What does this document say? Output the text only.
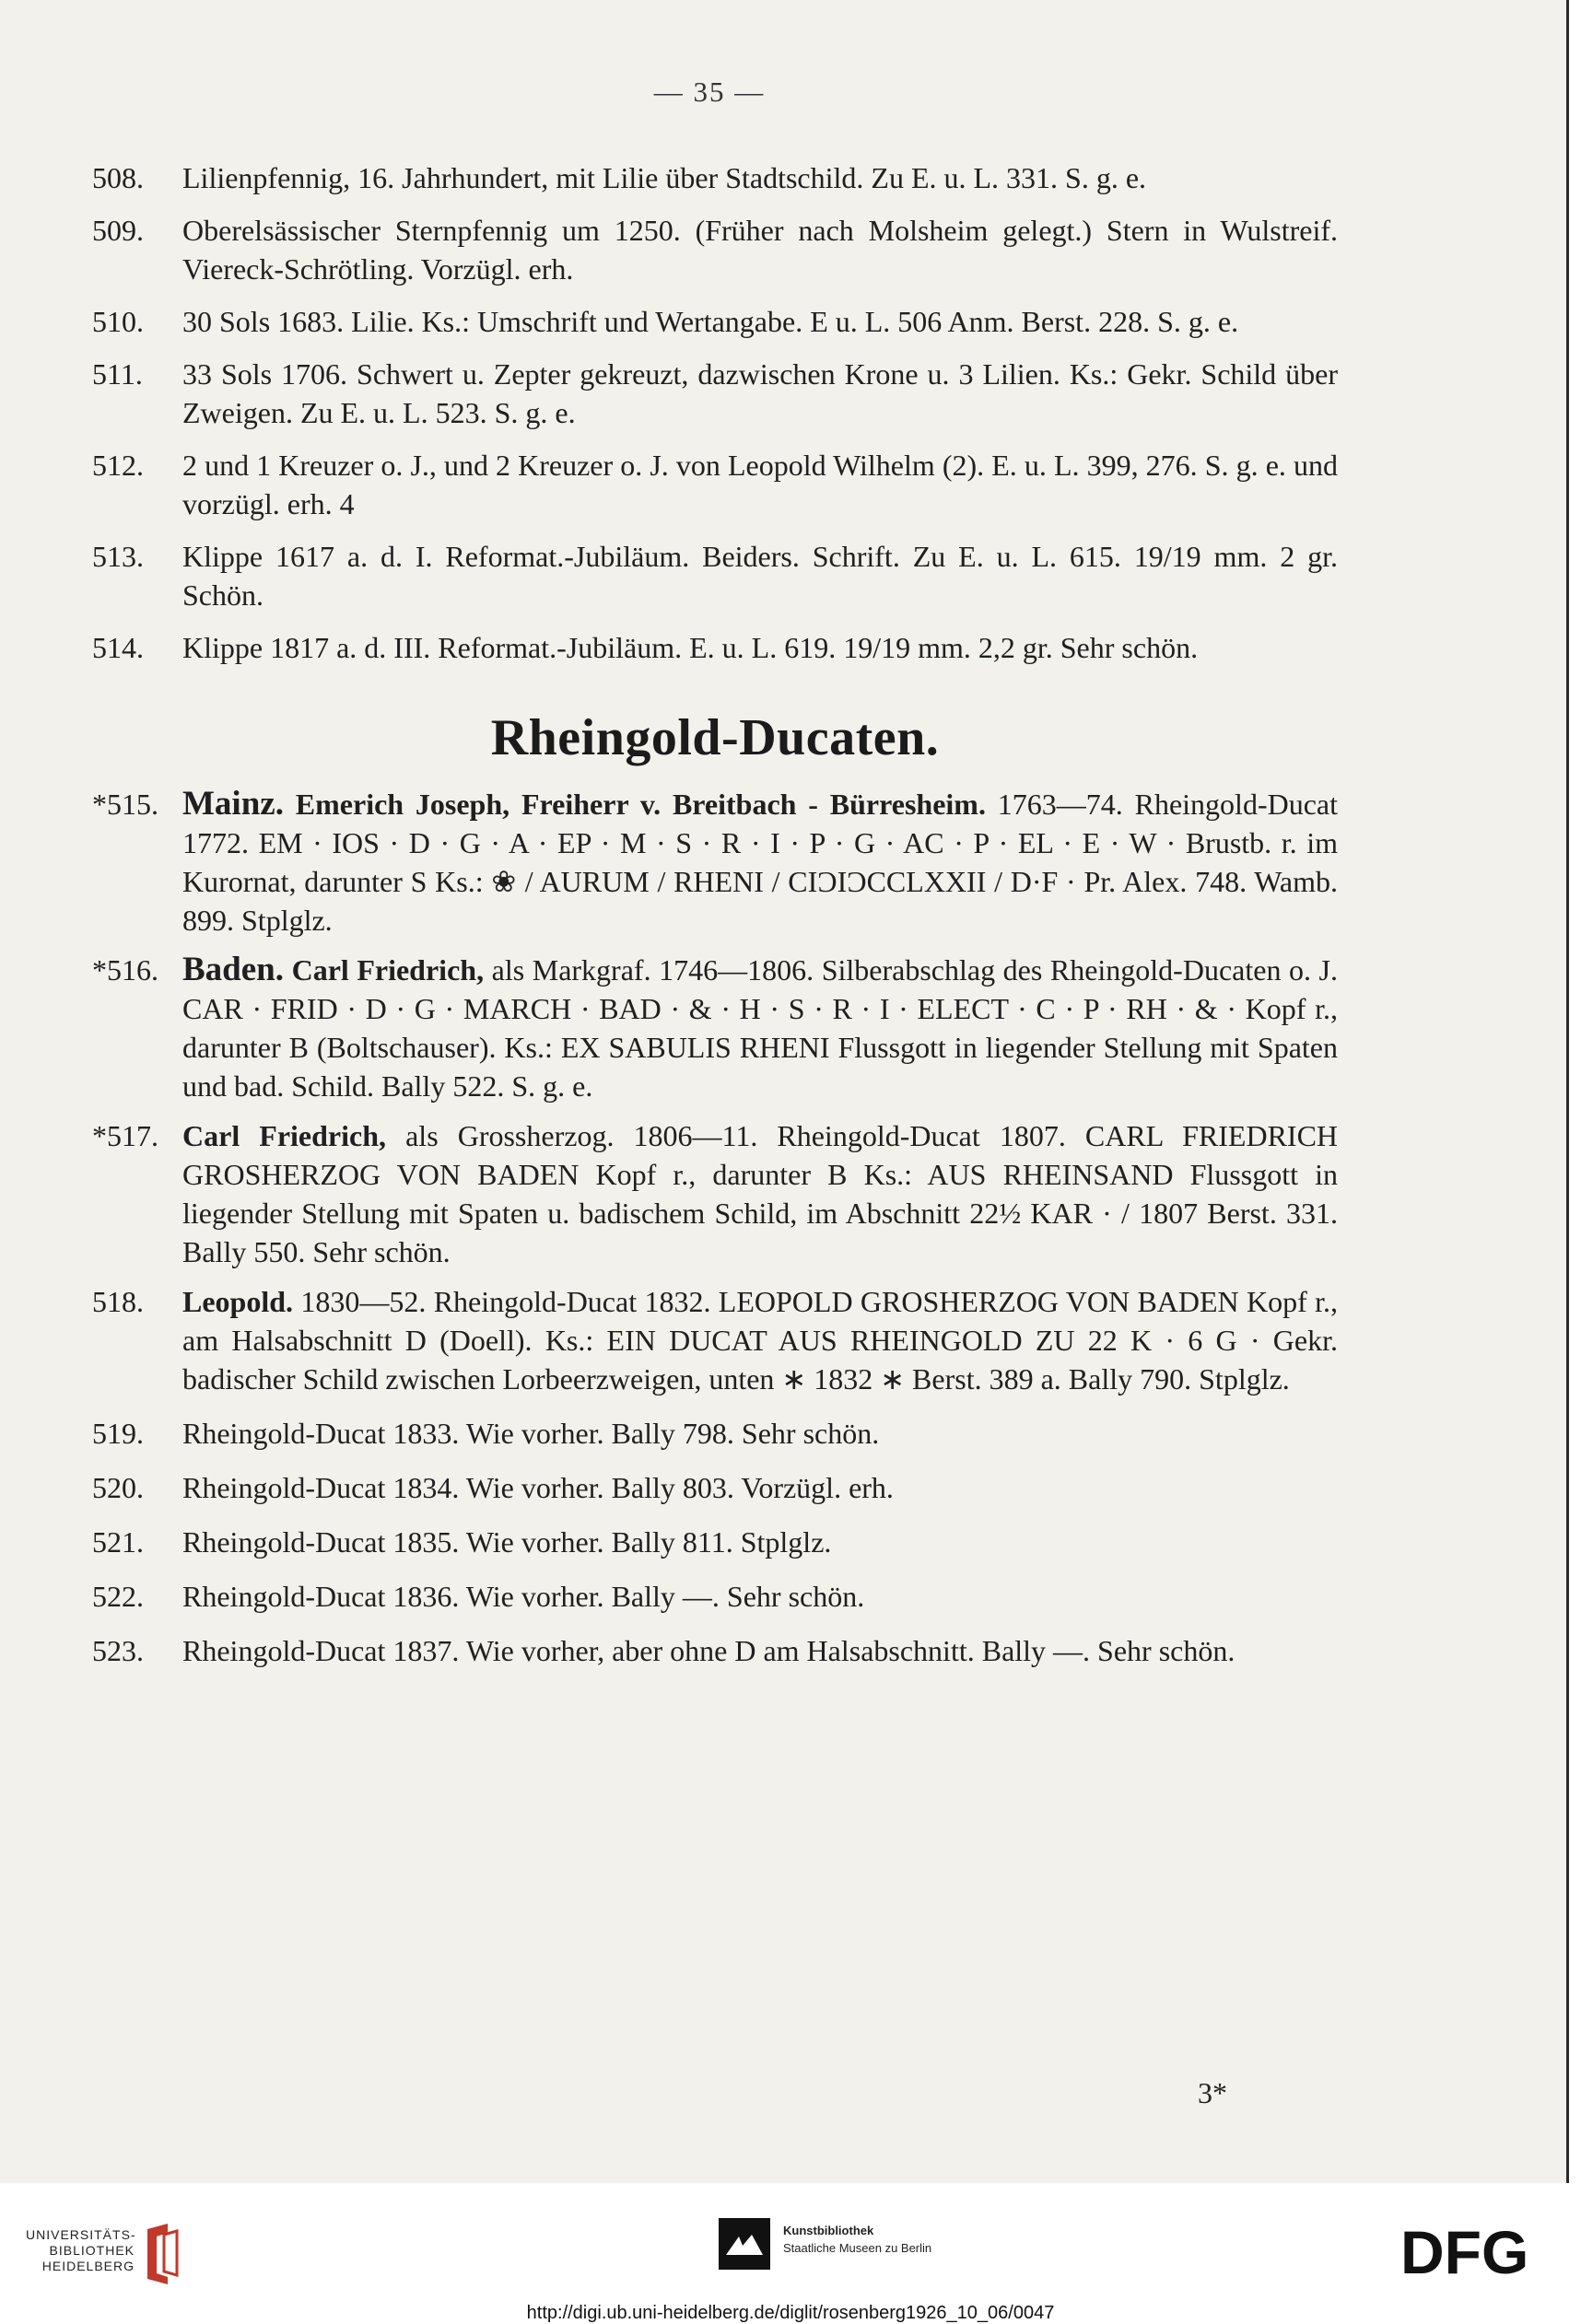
— 35 —
508.	Lilienpfennig, 16. Jahrhundert, mit Lilie über Stadtschild. Zu E. u. L. 331. S. g. e.
509.	Oberelsässischer Sternpfennig um 1250. (Früher nach Molsheim gelegt.) Stern in Wulstreif. Viereck-Schrötling. Vorzügl. erh.
510.	30 Sols 1683. Lilie. Ks.: Umschrift und Wertangabe. E u. L. 506 Anm. Berst. 228. S. g. e.
511.	33 Sols 1706. Schwert u. Zepter gekreuzt, dazwischen Krone u. 3 Lilien. Ks.: Gekr. Schild über Zweigen. Zu E. u. L. 523. S. g. e.
512.	2 und 1 Kreuzer o. J., und 2 Kreuzer o. J. von Leopold Wilhelm (2). E. u. L. 399, 276. S. g. e. und vorzügl. erh. 4
513.	Klippe 1617 a. d. I. Reformat.-Jubiläum. Beiders. Schrift. Zu E. u. L. 615. 19/19 mm. 2 gr. Schön.
514.	Klippe 1817 a. d. III. Reformat.-Jubiläum. E. u. L. 619. 19/19 mm. 2,2 gr. Sehr schön.
Rheingold-Ducaten.
*515. Mainz. Emerich Joseph, Freiherr v. Breitbach - Bürresheim. 1763—74. Rheingold-Ducat 1772. EM · IOS · D · G · A · EP · M · S · R · I · P · G · AC · P · EL · E · W · Brustb. r. im Kurornat, darunter S Ks.: ❀ / AURUM / RHENI / CIƆIƆCCLXXII / D·F · Pr. Alex. 748. Wamb. 899. Stplglz.
*516. Baden. Carl Friedrich, als Markgraf. 1746—1806. Silberabschlag des Rheingold-Ducaten o. J. CAR · FRID · D · G · MARCH · BAD · & · H · S · R · I · ELECT · C · P · RH · & · Kopf r., darunter B (Boltschauser). Ks.: EX SABULIS RHENI Flussgott in liegender Stellung mit Spaten und bad. Schild. Bally 522. S. g. e.
*517. Carl Friedrich, als Grossherzog. 1806—11. Rheingold-Ducat 1807. CARL FRIEDRICH GROSHERZOG VON BADEN Kopf r., darunter B Ks.: AUS RHEINSAND Flussgott in liegender Stellung mit Spaten u. badischem Schild, im Abschnitt 22½ KAR · / 1807 Berst. 331. Bally 550. Sehr schön.
518.	Leopold. 1830—52. Rheingold-Ducat 1832. LEOPOLD GROSHERZOG VON BADEN Kopf r., am Halsabschnitt D (Doell). Ks.: EIN DUCAT AUS RHEINGOLD ZU 22 K · 6 G · Gekr. badischer Schild zwischen Lorbeerzweigen, unten ∗ 1832 ∗ Berst. 389 a. Bally 790. Stplglz.
519.	Rheingold-Ducat 1833. Wie vorher. Bally 798. Sehr schön.
520.	Rheingold-Ducat 1834. Wie vorher. Bally 803. Vorzügl. erh.
521.	Rheingold-Ducat 1835. Wie vorher. Bally 811. Stplglz.
522.	Rheingold-Ducat 1836. Wie vorher. Bally —. Sehr schön.
523.	Rheingold-Ducat 1837. Wie vorher, aber ohne D am Halsabschnitt. Bally —. Sehr schön.
3*
UNIVERSITÄTS-
BIBLIOTHEK
HEIDELBERG
Kunstbibliothek
Staatliche Museen zu Berlin	DFG
http://digi.ub.uni-heidelberg.de/diglit/rosenberg1926_10_06/0047
